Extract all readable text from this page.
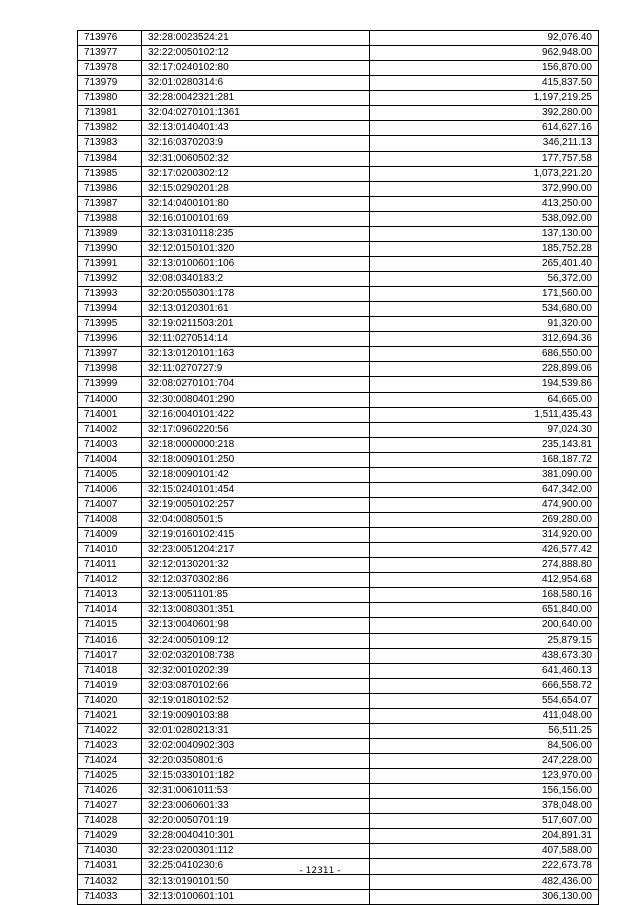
713976	32:28:0023524:21	92,076.40
713977	32:22:0050102:12	962,948.00
713978	32:17:0240102:80	156,870.00
713979	32:01:0280314:6	415,837.50
713980	32:28:0042321:281	1,197,219.25
713981	32:04:0270101:1361	392,280.00
713982	32:13:0140401:43	614,627.16
713983	32:16:0370203:9	346,211.13
713984	32:31:0060502:32	177,757.58
713985	32:17:0200302:12	1,073,221.20
713986	32:15:0290201:28	372,990.00
713987	32:14:0400101:80	413,250.00
713988	32:16:0100101:69	538,092.00
713989	32:13:0310118:235	137,130.00
713990	32:12:0150101:320	185,752.28
713991	32:13:0100601:106	265,401.40
713992	32:08:0340183:2	56,372.00
713993	32:20:0550301:178	171,560.00
713994	32:13:0120301:61	534,680.00
713995	32:19:0211503:201	91,320.00
713996	32:11:0270514:14	312,694.36
713997	32:13:0120101:163	686,550.00
713998	32:11:0270727:9	228,899.06
713999	32:08:0270101:704	194,539.86
714000	32:30:0080401:290	64,665.00
714001	32:16:0040101:422	1,511,435.43
714002	32:17:0960220:56	97,024.30
714003	32:18:0000000:218	235,143.81
714004	32:18:0090101:250	168,187.72
714005	32:18:0090101:42	381,090.00
714006	32:15:0240101:454	647,342.00
714007	32:19:0050102:257	474,900.00
714008	32:04:0080501:5	269,280.00
714009	32:19:0160102:415	314,920.00
714010	32:23:0051204:217	426,577.42
714011	32:12:0130201:32	274,888.80
714012	32:12:0370302:86	412,954.68
714013	32:13:0051101:85	168,580.16
714014	32:13:0080301:351	651,840.00
714015	32:13:0040601:98	200,640.00
714016	32:24:0050109:12	25,879.15
714017	32:02:0320108:738	438,673.30
714018	32:32:0010202:39	641,460.13
714019	32:03:0870102:66	666,558.72
714020	32:19:0180102:52	554,654.07
714021	32:19:0090103:88	411,048.00
714022	32:01:0280213:31	56,511.25
714023	32:02:0040902:303	84,506.00
714024	32:20:0350801:6	247,228.00
714025	32:15:0330101:182	123,970.00
714026	32:31:0061011:53	156,156.00
714027	32:23:0060601:33	378,048.00
714028	32:20:0050701:19	517,607.00
714029	32:28:0040410:301	204,891.31
714030	32:23:0200301:112	407,588.00
714031	32:25:0410230:6	222,673.78
714032	32:13:0190101:50	482,436.00
714033	32:13:0100601:101	306,130.00
- 12311 -
